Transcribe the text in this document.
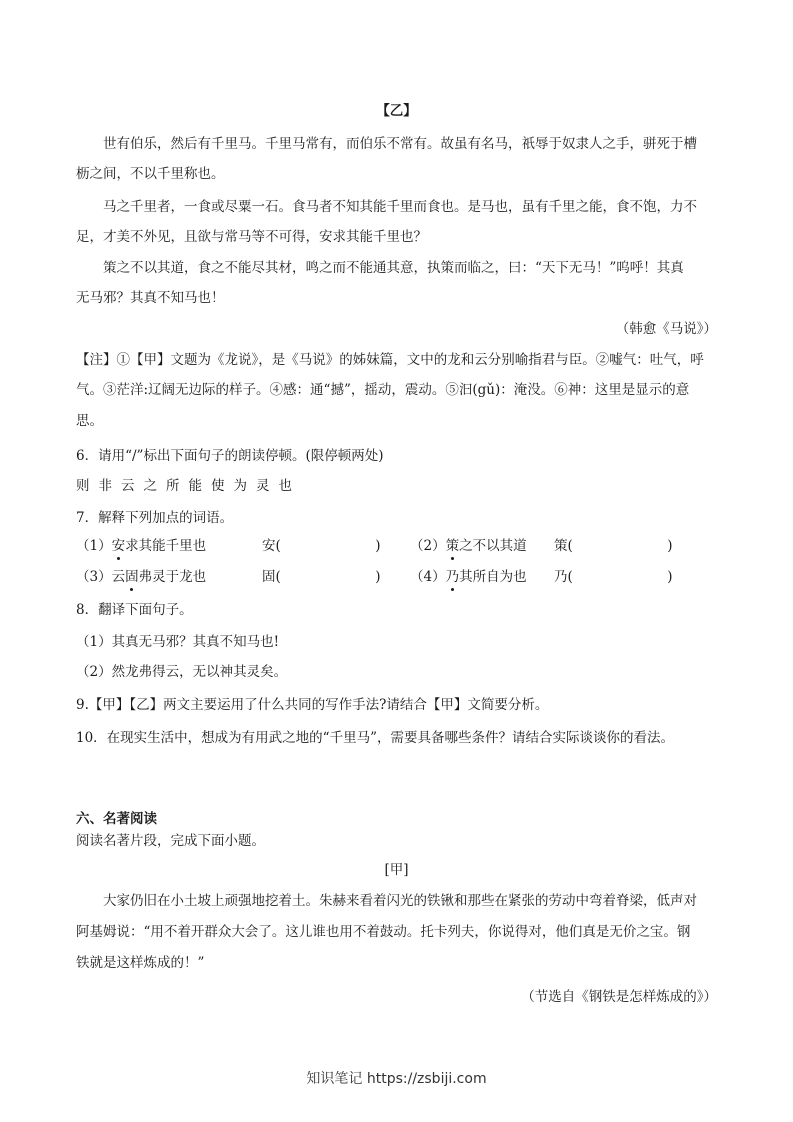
【乙】
世有伯乐，然后有千里马。千里马常有，而伯乐不常有。故虽有名马，祇辱于奴隶人之手，骈死于槽
枥之间，不以千里称也。
马之千里者，一食或尽粟一石。食马者不知其能千里而食也。是马也，虽有千里之能，食不饱，力不
足，才美不外见，且欲与常马等不可得，安求其能千里也？
策之不以其道，食之不能尽其材，鸣之而不能通其意，执策而临之，曰：“天下无马！”呜呼！其真
无马邪？其真不知马也！
（韩愈《马说》）
【注】①【甲】文题为《龙说》，是《马说》的姊妹篇，文中的龙和云分别喻指君与臣。②嘘气：吐气，呼
气。③茫洋:辽阔无边际的样子。④感：通“撼”，摇动，震动。⑤汩(gǔ)：淹没。⑥神：这里是显示的意
思。
6．请用“/”标出下面句子的朗读停顿。(限停顿两处)
则非云之所能使为灵也
7．解释下列加点的词语。
（1）安求其能千里也	安(　　　　　　　) （2）策之不以其道 策(　　　　　　　)
（3）云固弗灵于龙也	固(　　　　　　　) （4）乃其所自为也 乃(　　　　　　　)
8．翻译下面句子。
（1）其真无马邪？其真不知马也!
（2）然龙弗得云，无以神其灵矣。
9.【甲】【乙】两文主要运用了什么共同的写作手法?请结合【甲】文简要分析。
10．在现实生活中，想成为有用武之地的“千里马”，需要具备哪些条件？请结合实际谈谈你的看法。
六、名著阅读
阅读名著片段，完成下面小题。
[甲]
大家仍旧在小土坡上顽强地挖着土。朱赫来看着闪光的铁锹和那些在紧张的劳动中弯着脊梁，低声对
阿基姆说：“用不着开群众大会了。这儿谁也用不着鼓动。托卡列夫，你说得对，他们真是无价之宝。钢
铁就是这样炼成的！”
（节选自《钢铁是怎样炼成的》）
知识笔记 https://zsbiji.com
